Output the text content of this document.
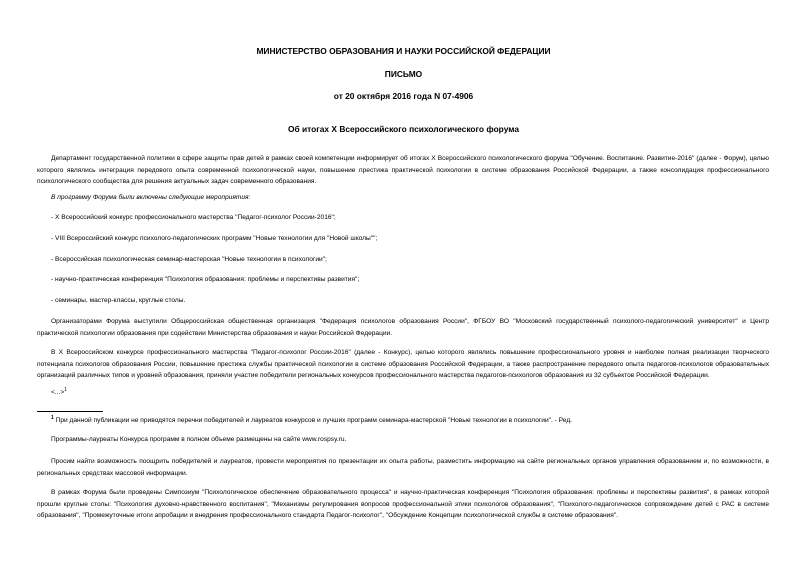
МИНИСТЕРСТВО ОБРАЗОВАНИЯ И НАУКИ РОССИЙСКОЙ ФЕДЕРАЦИИ
ПИСЬМО
от 20 октября 2016 года N 07-4906
Об итогах X Всероссийского психологического форума
Департамент государственной политики в сфере защиты прав детей в рамках своей компетенции информирует об итогах X Всероссийского психологического форума "Обучение. Воспитание. Развитие-2016" (далее - Форум), целью которого являлись интеграция передового опыта современной психологической науки, повышение престижа практической психологии в системе образования Российской Федерации, а также консолидация профессионального психологического сообщества для решения актуальных задач современного образования.
В программу Форума были включены следующие мероприятия:
- X Всероссийский конкурс профессионального мастерства "Педагог-психолог России-2016";
- VIII Всероссийский конкурс психолого-педагогических программ "Новые технологии для "Новой школы"";
- Всероссийская психологическая семинар-мастерская "Новые технологии в психологии";
- научно-практическая конференция "Психология образования: проблемы и перспективы развития";
- семинары, мастер-классы, круглые столы.
Организаторами Форума выступили Общероссийская общественная организация "Федерация психологов образования России", ФГБОУ ВО "Московский государственный психолого-педагогический университет" и Центр практической психологии образования при содействии Министерства образования и науки Российской Федерации.
В X Всероссийском конкурсе профессионального мастерства "Педагог-психолог России-2016" (далее - Конкурс), целью которого являлись повышение профессионального уровня и наиболее полная реализации творческого потенциала психологов образования России, повышение престижа службы практической психологии в системе образования Российской Федерации, а также распространение передового опыта педагогов-психологов образовательных организаций различных типов и уровней образования, приняли участие победители региональных конкурсов профессионального мастерства педагогов-психологов образования из 32 субъектов Российской Федерации.
<...>$^1$
$^1$ При данной публикации не приводятся перечни победителей и лауреатов конкурсов и лучших программ семинара-мастерской "Новые технологии в психологии". - Ред.
Программы-лауреаты Конкурса программ в полном объеме размещены на сайте www.rospsy.ru.
Просим найти возможность поощрить победителей и лауреатов, провести мероприятия по презентации их опыта работы, разместить информацию на сайте региональных органов управления образованием и, по возможности, в региональных средствах массовой информации.
В рамках Форума были проведены Симпозиум "Психологическое обеспечение образовательного процесса" и научно-практическая конференция "Психология образования: проблемы и перспективы развития", в рамках которой прошли круглые столы: "Психология духовно-нравственного воспитания", "Механизмы регулирования вопросов профессиональной этики психологов образования", "Психолого-педагогическое сопровождение детей с РАС в системе образования", "Промежуточные итоги апробации и внедрения профессионального стандарта Педагог-психолог", "Обсуждение Концепции психологической службы в системе образования".
